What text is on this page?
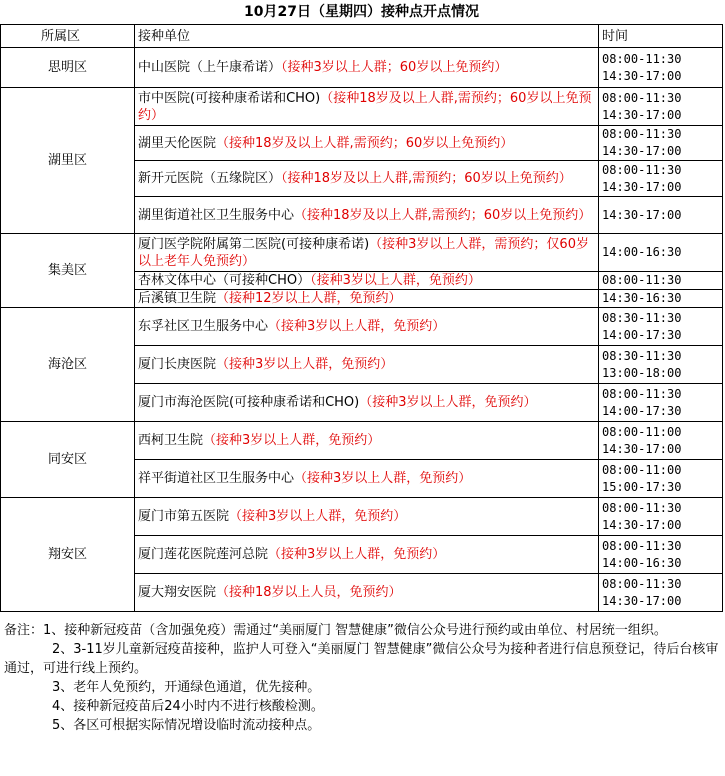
10月27日（星期四）接种点开点情况		
所属区	接种单位	时间
思明区	中山医院（上午康希诺）（接种3岁以上人群；60岁以上免预约）	08:00-11:30
14:30-17:00

湖里区	市中医院(可接种康希诺和CHO)（接种18岁及以上人群,需预约；60岁以上免预约）	08:00-11:30
14:30-17:00

	湖里天伦医院（接种18岁及以上人群,需预约；60岁以上免预约）	08:00-11:30
14:30-17:00

	新开元医院（五缘院区）（接种18岁及以上人群,需预约；60岁以上免预约）	08:00-11:30
14:30-17:00

	湖里街道社区卫生服务中心（接种18岁及以上人群,需预约；60岁以上免预约）	14:30-17:00

集美区	厦门医学院附属第二医院(可接种康希诺)（接种3岁以上人群，需预约；仅60岁以上老年人免预约）	14:00-16:30

	杏林文体中心（可接种CHO）（接种3岁以上人群，免预约）	08:00-11:30

	后溪镇卫生院（接种12岁以上人群，免预约）	14:30-16:30

海沧区	东孚社区卫生服务中心（接种3岁以上人群，免预约）	08:30-11:30
14:00-17:30

	厦门长庚医院（接种3岁以上人群，免预约）	08:30-11:30
13:00-18:00

	厦门市海沧医院(可接种康希诺和CHO)（接种3岁以上人群，免预约）	08:00-11:30
14:00-17:30

同安区	西柯卫生院（接种3岁以上人群，免预约）	08:00-11:00
14:30-17:00

	祥平街道社区卫生服务中心（接种3岁以上人群，免预约）	08:00-11:00
15:00-17:30

翔安区	厦门市第五医院（接种3岁以上人群，免预约）	08:00-11:30
14:30-17:00

	厦门莲花医院莲河总院（接种3岁以上人群，免预约）	08:00-11:30
14:00-16:30

	厦大翔安医院（接种18岁以上人员，免预约）	08:00-11:30
14:30-17:00

备注：1、接种新冠疫苗（含加强免疫）需通过“美丽厦门 智慧健康”微信公众号进行预约或由单位、村居统一组织。

2、3-11岁儿童新冠疫苗接种，监护人可登入“美丽厦门 智慧健康”微信公众号为接种者进行信息预登记，待后台核审通过，可进行线上预约。

3、老年人免预约，开通绿色通道，优先接种。

4、接种新冠疫苗后24小时内不进行核酸检测。

5、各区可根据实际情况增设临时流动接种点。
